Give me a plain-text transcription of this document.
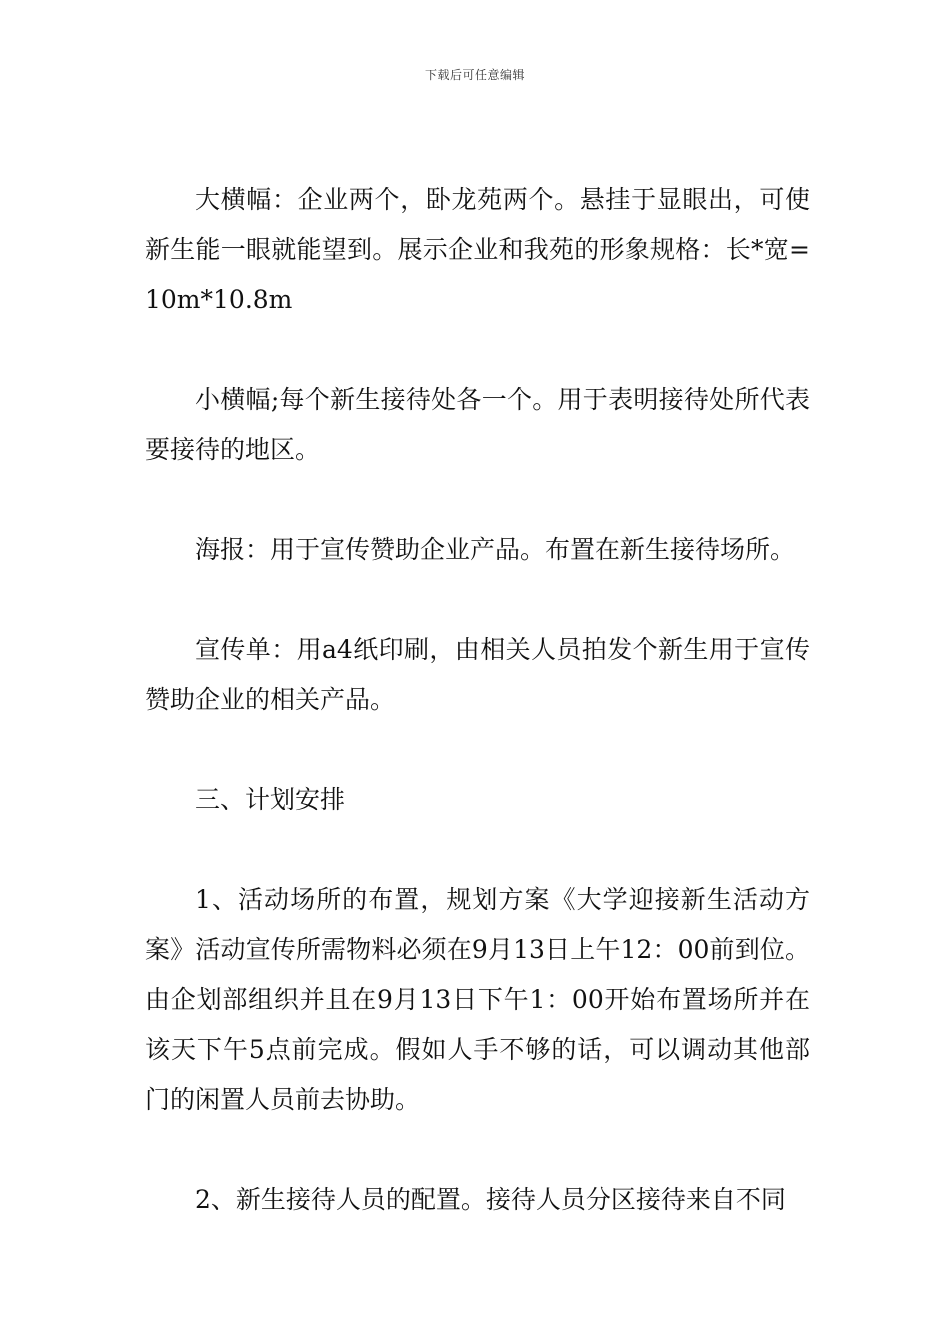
下载后可任意编辑

大横幅：企业两个，卧龙苑两个。悬挂于显眼出，可使新生能一眼就能望到。展示企业和我苑的形象规格：长*宽=10m*10.8m

小横幅;每个新生接待处各一个。用于表明接待处所代表要接待的地区。

海报：用于宣传赞助企业产品。布置在新生接待场所。

宣传单：用a4纸印刷，由相关人员拍发个新生用于宣传赞助企业的相关产品。

三、计划安排

1、活动场所的布置，规划方案《大学迎接新生活动方案》活动宣传所需物料必须在9月13日上午12：00前到位。由企划部组织并且在9月13日下午1：00开始布置场所并在该天下午5点前完成。假如人手不够的话，可以调动其他部门的闲置人员前去协助。

2、新生接待人员的配置。接待人员分区接待来自不同
